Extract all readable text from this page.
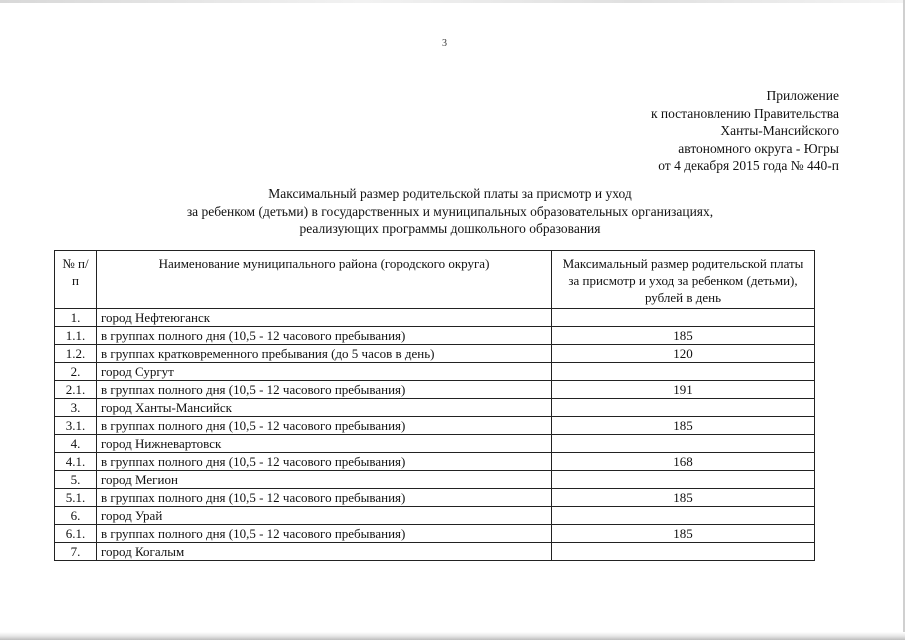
3
Приложение
к постановлению Правительства
Ханты-Мансийского
автономного округа - Югры
от 4 декабря 2015 года № 440-п
Максимальный размер родительской платы за присмотр и уход
за ребенком (детьми) в государственных и муниципальных образовательных организациях,
реализующих программы дошкольного образования
№ п/п	Наименование муниципального района (городского округа)	Максимальный размер родительской платы за присмотр и уход за ребенком (детьми), рублей в день
1.	город Нефтеюганск	
1.1.	в группах полного дня (10,5 - 12 часового пребывания)	185
1.2.	в группах кратковременного пребывания (до 5 часов в день)	120
2.	город Сургут	
2.1.	в группах полного дня (10,5 - 12 часового пребывания)	191
3.	город Ханты-Мансийск	
3.1.	в группах полного дня (10,5 - 12 часового пребывания)	185
4.	город Нижневартовск	
4.1.	в группах полного дня (10,5 - 12 часового пребывания)	168
5.	город Мегион	
5.1.	в группах полного дня (10,5 - 12 часового пребывания)	185
6.	город Урай	
6.1.	в группах полного дня (10,5 - 12 часового пребывания)	185
7.	город Когалым	
